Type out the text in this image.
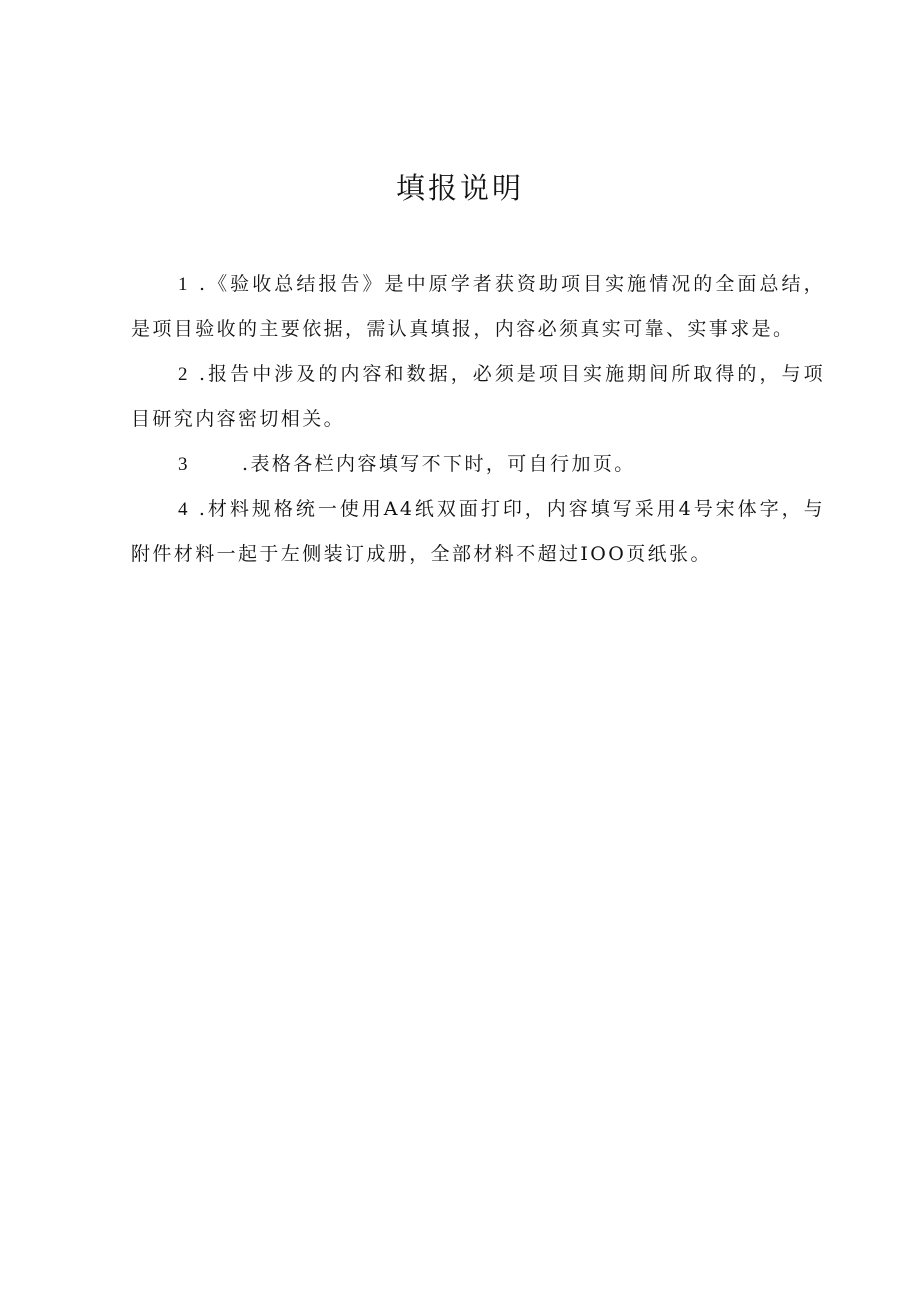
填报说明

1 .《验收总结报告》是中原学者获资助项目实施情况的全面总结，是项目验收的主要依据，需认真填报，内容必须真实可靠、实事求是。

2 .报告中涉及的内容和数据，必须是项目实施期间所取得的，与项目研究内容密切相关。

3	.表格各栏内容填写不下时，可自行加页。

4 .材料规格统一使用A4纸双面打印，内容填写采用4号宋体字，与附件材料一起于左侧装订成册，全部材料不超过IOO页纸张。
